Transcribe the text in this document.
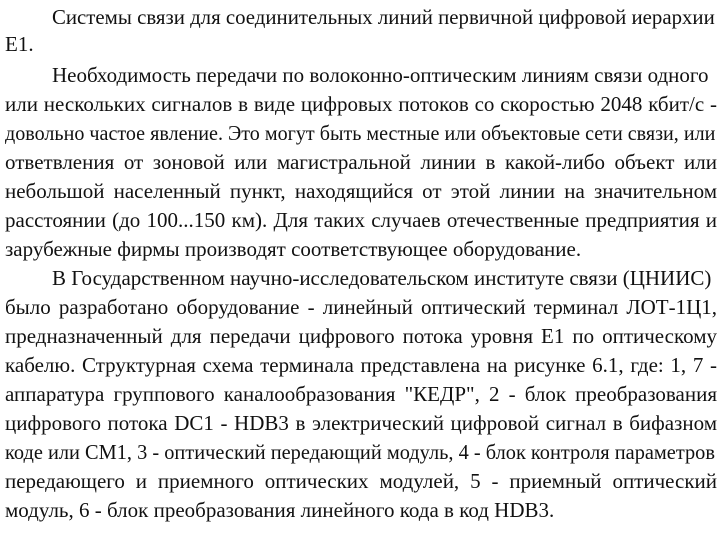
Системы связи для соединительных линий первичной цифровой иерархии
E1.
Необходимость передачи по волоконно-оптическим линиям связи одного
или нескольких сигналов в виде цифровых потоков со скоростью 2048 кбит/с -
довольно частое явление. Это могут быть местные или объектовые сети связи, или
ответвления от зоновой или магистральной линии в какой-либо объект или
небольшой населенный пункт, находящийся от этой линии на значительном
расстоянии (до 100...150 км). Для таких случаев отечественные предприятия и
зарубежные фирмы производят соответствующее оборудование.
В Государственном научно-исследовательском институте связи (ЦНИИС)
было разработано оборудование - линейный оптический терминал ЛОТ-1Ц1,
предназначенный для передачи цифрового потока уровня E1 по оптическому
кабелю. Структурная схема терминала представлена на рисунке 6.1, где: 1, 7 -
аппаратура группового каналообразования "КЕДР", 2 - блок преобразования
цифрового потока DC1 - HDB3 в электрический цифровой сигнал в бифазном
коде или CM1, 3 - оптический передающий модуль, 4 - блок контроля параметров
передающего и приемного оптических модулей, 5 - приемный оптический
модуль, 6 - блок преобразования линейного кода в код HDB3.
